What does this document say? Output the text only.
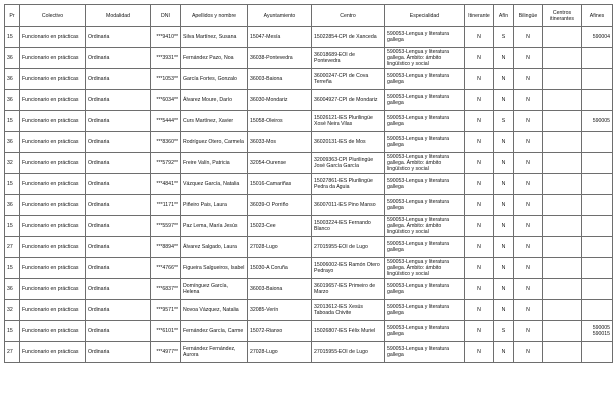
Pr	Colectivo	Modalidad	DNI	Apellidos y nombre	Ayuntamiento	Centro	Especialidad	Itinerante	Afín	Bilingüe	Centros itinerantes	Afines
15	Funcionario en prácticas	Ordinaria	***9410**	Silva Martínez, Susana	15047-Mesía	15022854-CPI de Xanceda	590053-Lengua y literatura gallega	N	S	N		590004
36	Funcionario en prácticas	Ordinaria	***3931**	Fernández Pazo, Noa	36038-Pontevedra	36018689-EOI de Pontevedra	590053-Lengua y literatura gallega. Ámbito: ámbito lingüístico y social	N	N	N		
36	Funcionario en prácticas	Ordinaria	***1053**	García Fortes, Gonzalo	36003-Baiona	36000247-CPI de Cova Terreña	590053-Lengua y literatura gallega	N	N	N		
36	Funcionario en prácticas	Ordinaria	***6034**	Álvarez Moure, Darío	36030-Mondariz	36004927-CPI de Mondariz	590053-Lengua y literatura gallega	N	N	N		
15	Funcionario en prácticas	Ordinaria	***5444**	Curs Martínez, Xavier	15058-Oleiros	15026121-IES Plurilingüe Xosé Neira Vilas	590053-Lengua y literatura gallega	N	S	N		590005
36	Funcionario en prácticas	Ordinaria	***8360**	Rodríguez Otero, Carmela	36033-Mos	36020131-IES de Mos	590053-Lengua y literatura gallega	N	N	N		
32	Funcionario en prácticas	Ordinaria	***5792**	Freire Valín, Patricia	32054-Ourense	32009363-CPI Plurilingüe José García García	590053-Lengua y literatura gallega. Ámbito: ámbito lingüístico y social	N	N	N		
15	Funcionario en prácticas	Ordinaria	***4841**	Vázquez García, Natalia	15016-Camariñas	15027861-IES Plurilingüe Pedra da Aguia	590053-Lengua y literatura gallega	N	N	N		
36	Funcionario en prácticas	Ordinaria	***1171**	Piñeiro Pais, Laura	36039-O Porriño	36007011-IES Pino Manso	590053-Lengua y literatura gallega	N	N	N		
15	Funcionario en prácticas	Ordinaria	***5597**	Paz Lema, María Jesús	15023-Cee	15003224-IES Fernando Blanco	590053-Lengua y literatura gallega. Ámbito: ámbito lingüístico y social	N	N	N		
27	Funcionario en prácticas	Ordinaria	***8894**	Álvarez Salgado, Laura	27028-Lugo	27015955-EOI de Lugo	590053-Lengua y literatura gallega	N	N	N		
15	Funcionario en prácticas	Ordinaria	***4766**	Figueira Salgueiros, Isabel	15030-A Coruña	15006002-IES Ramón Otero Pedrayo	590053-Lengua y literatura gallega. Ámbito: ámbito lingüístico y social	N	N	N		
36	Funcionario en prácticas	Ordinaria	***6837**	Domínguez García, Helena	36003-Baiona	36019657-IES Primeiro de Marzo	590053-Lengua y literatura gallega	N	N	N		
32	Funcionario en prácticas	Ordinaria	***9571**	Novoa Vázquez, Natalia	32085-Verín	32013612-IES Xesús Taboada Chivite	590053-Lengua y literatura gallega	N	N	N		
15	Funcionario en prácticas	Ordinaria	***6101**	Fernández García, Carme	15072-Rianxo	15026807-IES Félix Muriel	590053-Lengua y literatura gallega	N	S	N		590005 590015
27	Funcionario en prácticas	Ordinaria	***4977**	Fernández Fernández, Aurora	27028-Lugo	27015955-EOI de Lugo	590053-Lengua y literatura gallega	N	N	N		
